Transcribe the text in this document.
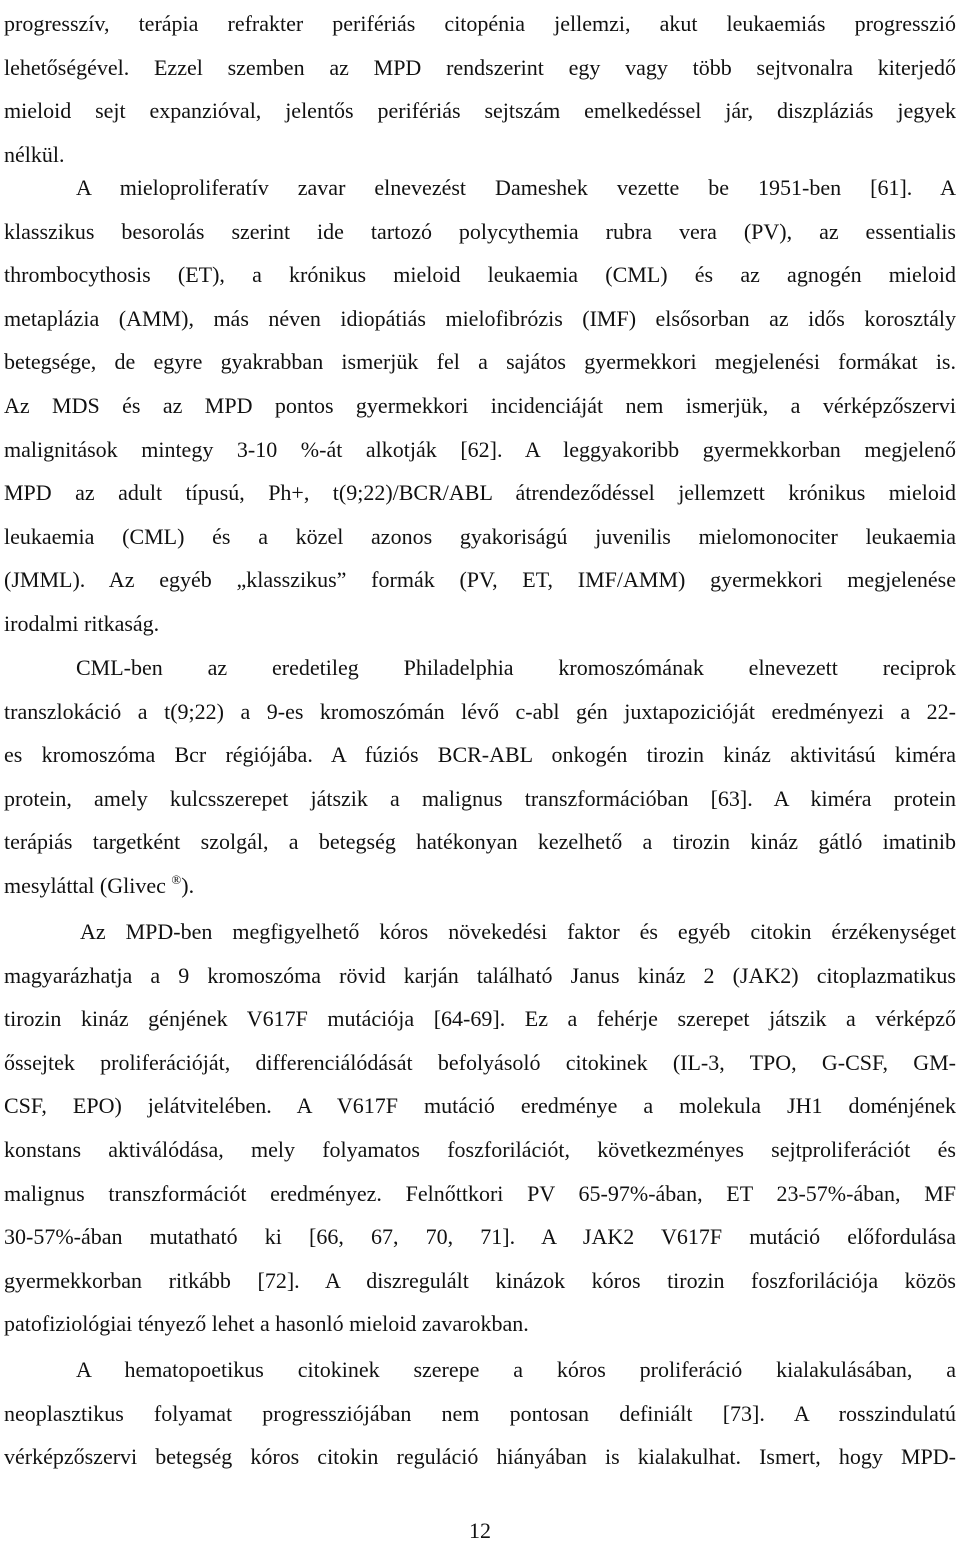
progresszív, terápia refrakter perifériás citopénia jellemzi, akut leukaemiás progresszió
lehetőségével. Ezzel szemben az MPD rendszerint egy vagy több sejtvonalra kiterjedő
mieloid sejt expanzióval, jelentős perifériás sejtszám emelkedéssel jár, diszpláziás jegyek
nélkül.
A mieloproliferatív zavar elnevezést Dameshek vezette be 1951-ben [61]. A
klasszikus besorolás szerint ide tartozó polycythemia rubra vera (PV), az essentialis
thrombocythosis (ET), a krónikus mieloid leukaemia (CML) és az agnogén mieloid
metaplázia (AMM), más néven idiopátiás mielofibrózis (IMF) elsősorban az idős korosztály
betegsége, de egyre gyakrabban ismerjük fel a sajátos gyermekkori megjelenési formákat is.
Az MDS és az MPD pontos gyermekkori incidenciáját nem ismerjük, a vérképzőszervi
malignitások mintegy 3-10 %-át alkotják [62]. A leggyakoribb gyermekkorban megjelenő
MPD az adult típusú, Ph+, t(9;22)/BCR/ABL átrendeződéssel jellemzett krónikus mieloid
leukaemia (CML) és a közel azonos gyakoriságú juvenilis mielomonociter leukaemia
(JMML). Az egyéb „klasszikus” formák (PV, ET, IMF/AMM) gyermekkori megjelenése
irodalmi ritkaság.
CML-ben az eredetileg Philadelphia kromoszómának elnevezett reciprok
transzlokáció a t(9;22) a 9-es kromoszómán lévő c-abl gén juxtapozicióját eredményezi a 22-
es kromoszóma Bcr régiójába. A fúziós BCR-ABL onkogén tirozin kináz aktivitású kiméra
protein, amely kulcsszerepet játszik a malignus transzformációban [63]. A kiméra protein
terápiás targetként szolgál, a betegség hatékonyan kezelhető a tirozin kináz gátló imatinib
mesyláttal (Glivec ®).
Az MPD-ben megfigyelhető kóros növekedési faktor és egyéb citokin érzékenységet
magyarázhatja a 9 kromoszóma rövid karján található Janus kináz 2 (JAK2) citoplazmatikus
tirozin kináz génjének V617F mutációja [64-69]. Ez a fehérje szerepet játszik a vérképző
őssejtek proliferációját, differenciálódását befolyásoló citokinek (IL-3, TPO, G-CSF, GM-
CSF, EPO) jelátvitelében. A V617F mutáció eredménye a molekula JH1 doménjének
konstans aktiválódása, mely folyamatos foszforilációt, következményes sejtproliferációt és
malignus transzformációt eredményez. Felnőttkori PV 65-97%-ában, ET 23-57%-ában, MF
30-57%-ában mutatható ki [66, 67, 70, 71]. A JAK2 V617F mutáció előfordulása
gyermekkorban ritkább [72]. A diszregulált kinázok kóros tirozin foszforilációja közös
patofiziológiai tényező lehet a hasonló mieloid zavarokban.
A hematopoetikus citokinek szerepe a kóros proliferáció kialakulásában, a
neoplasztikus folyamat progressziójában nem pontosan definiált [73]. A rosszindulatú
vérképzőszervi betegség kóros citokin reguláció hiányában is kialakulhat. Ismert, hogy MPD-
12
